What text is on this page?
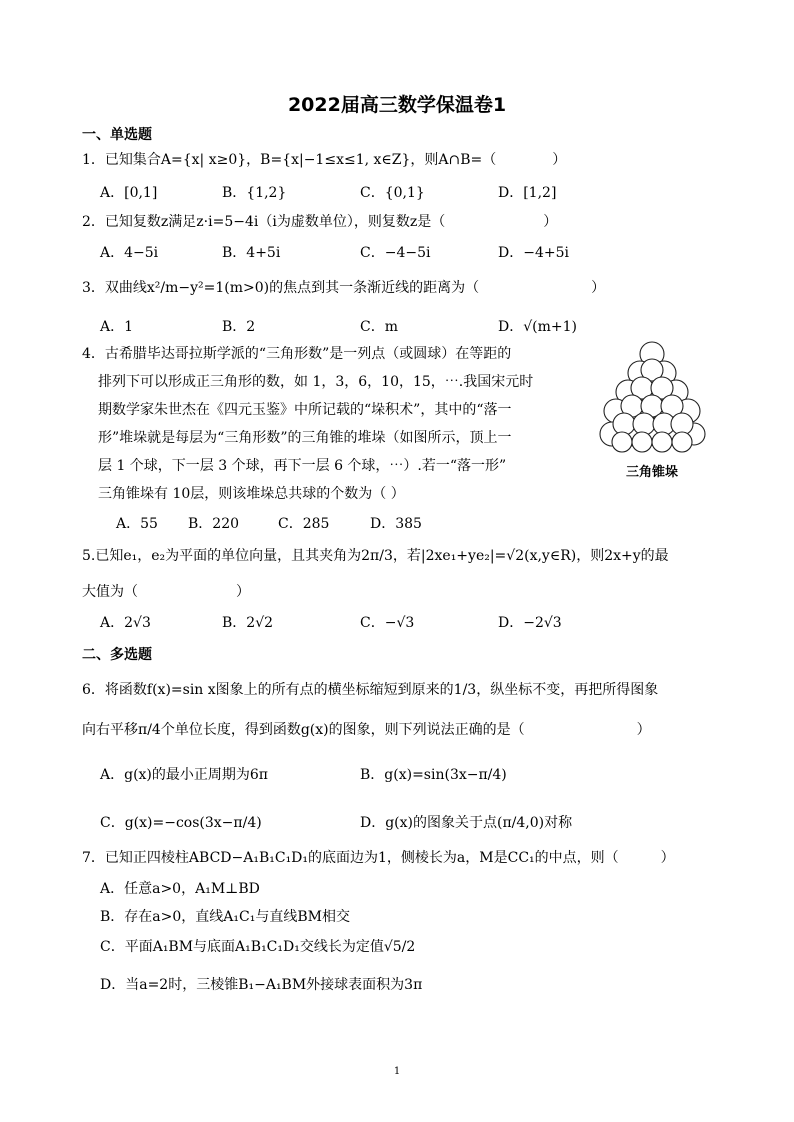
2022届高三数学保温卷1
一、单选题
1．已知集合A={x| x≥0}，B={x|−1≤x≤1, x∈Z}，则A∩B=（　　　　）
A．[0,1]	B．{1,2}	C．{0,1}	D．[1,2]
2．已知复数z满足z·i=5−4i（i为虚数单位），则复数z是（　　　　　　　）
A．4−5i	B．4+5i	C．−4−5i	D．−4+5i
3．双曲线x²/m−y²=1(m>0)的焦点到其一条渐近线的距离为（　　　　　　　　）
A．1	B．2	C．m	D．√(m+1)
4．古希腊毕达哥拉斯学派的“三角形数”是一列点（或圆球）在等距的
排列下可以形成正三角形的数，如 1，3，6，10，15，⋯.我国宋元时
期数学家朱世杰在《四元玉鉴》中所记载的“垛积术”，其中的“落一
形”堆垛就是每层为“三角形数”的三角锥的堆垛（如图所示，顶上一
层 1 个球，下一层 3 个球，再下一层 6 个球，⋯）.若一“落一形”
三角锥垛有 10层，则该堆垛总共球的个数为（ ）
A．55 B．220	C．285	D．385
三角锥垛
5.已知e₁，e₂为平面的单位向量，且其夹角为2π/3，若|2xe₁+ye₂|=√2(x,y∈R)，则2x+y的最
大值为（　　　　　　　）
A．2√3	B．2√2	C．−√3	D．−2√3
二、多选题
6．将函数f(x)=sin x图象上的所有点的横坐标缩短到原来的1/3，纵坐标不变，再把所得图象
向右平移π/4个单位长度，得到函数g(x)的图象，则下列说法正确的是（　　　　　　　　）
A．g(x)的最小正周期为6π	B．g(x)=sin(3x−π/4)
C．g(x)=−cos(3x−π/4)	D．g(x)的图象关于点(π/4,0)对称
7．已知正四棱柱ABCD−A₁B₁C₁D₁的底面边为1，侧棱长为a，M是CC₁的中点，则（　　　）
A．任意a>0，A₁M⊥BD
B．存在a>0，直线A₁C₁与直线BM相交
C．平面A₁BM与底面A₁B₁C₁D₁交线长为定值√5/2
D．当a=2时，三棱锥B₁−A₁BM外接球表面积为3π
1
